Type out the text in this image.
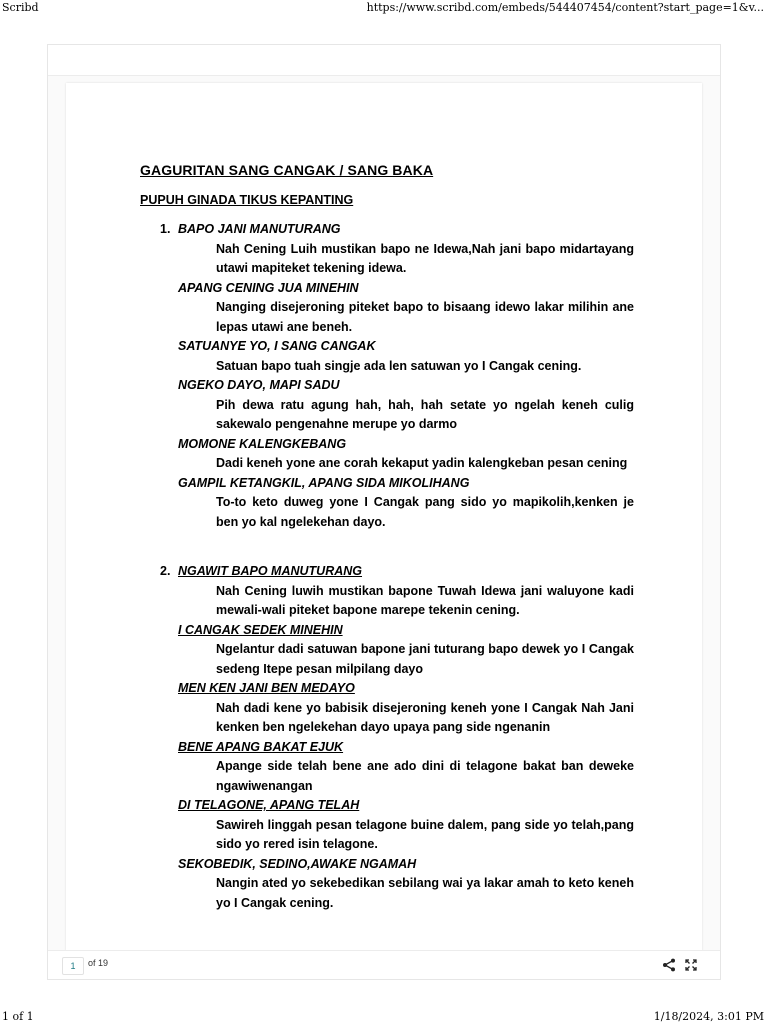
Scribd	https://www.scribd.com/embeds/544407454/content?start_page=1&v...
GAGURITAN SANG CANGAK / SANG BAKA
PUPUH GINADA TIKUS KEPANTING
1. BAPO JANI MANUTURANG
Nah Cening Luih mustikan bapo ne Idewa,Nah jani bapo midartayang utawi mapiteket tekening idewa.
APANG CENING JUA MINEHIN
Nanging disejeroning piteket bapo to bisaang idewo lakar milihin ane lepas utawi ane beneh.
SATUANYE YO, I SANG CANGAK
Satuan bapo tuah singje ada len satuwan yo I Cangak cening.
NGEKO DAYO, MAPI SADU
Pih dewa ratu agung hah, hah, hah setate yo ngelah keneh culig sakewalo pengenahne merupe yo darmo
MOMONE KALENGKEBANG
Dadi keneh yone ane corah kekaput yadin kalengkeban pesan cening
GAMPIL KETANGKIL, APANG SIDA MIKOLIHANG
To-to keto duweg yone I Cangak pang sido yo mapikolih,kenken je ben yo kal ngelekehan dayo.
2. NGAWIT BAPO MANUTURANG
Nah Cening luwih mustikan bapone Tuwah Idewa jani waluyone kadi mewali-wali piteket bapone marepe tekenin cening.
I CANGAK SEDEK MINEHIN
Ngelantur dadi satuwan bapone jani tuturang bapo dewek yo I Cangak sedeng Itepe pesan milpilang dayo
MEN KEN JANI BEN MEDAYO
Nah dadi kene yo babisik disejeroning keneh yone I Cangak Nah Jani kenken ben ngelekehan dayo upaya pang side ngenanin
BENE APANG BAKAT EJUK
Apange side telah bene ane ado dini di telagone bakat ban deweke ngawiwenangan
DI TELAGONE, APANG TELAH
Sawireh linggah pesan telagone buine dalem, pang side yo telah,pang sido yo rered isin telagone.
SEKOBEDIK, SEDINO,AWAKE NGAMAH
Nangin ated yo sekebedikan sebilang wai ya lakar amah to keto keneh yo I Cangak cening.
1	of 19
1 of 1	1/18/2024, 3:01 PM
